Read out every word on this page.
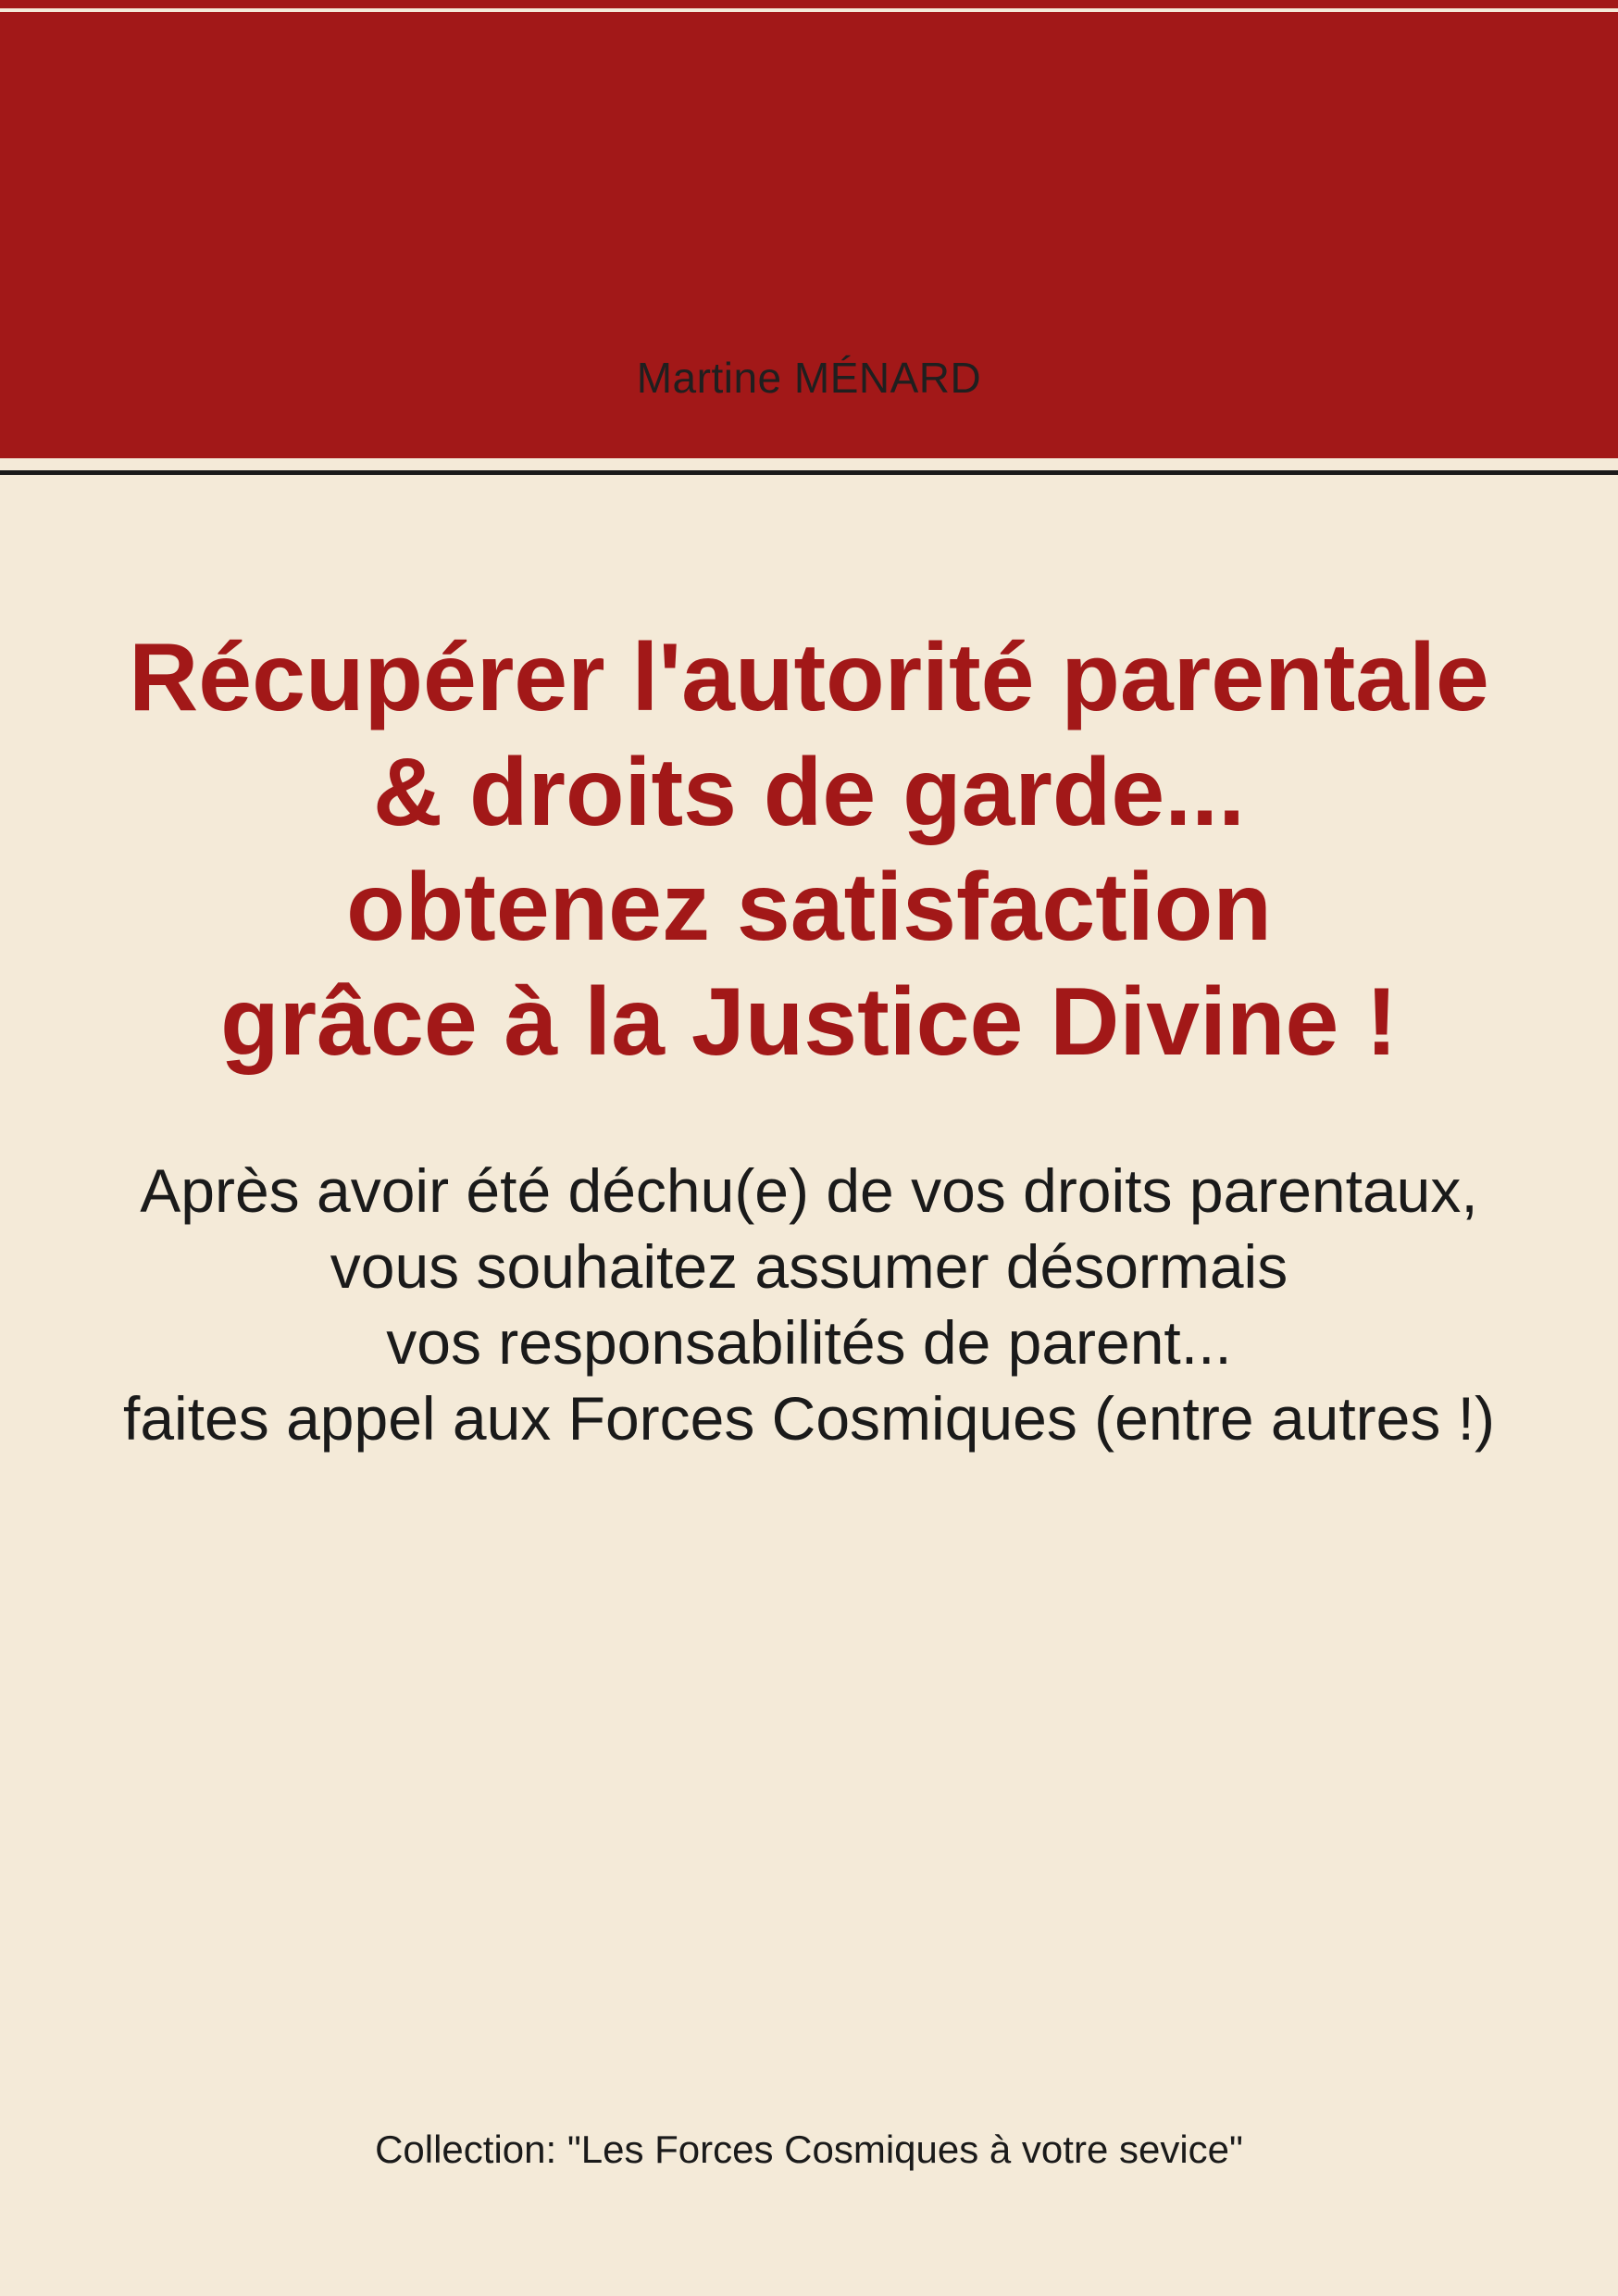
Martine MÉNARD
Récupérer l'autorité parentale
& droits de garde...
obtenez satisfaction
grâce à la Justice Divine !
Après avoir été déchu(e) de vos droits parentaux,
vous souhaitez assumer désormais
vos responsabilités de parent...
faites appel aux Forces Cosmiques (entre autres !)
Collection: "Les Forces Cosmiques à votre sevice"
